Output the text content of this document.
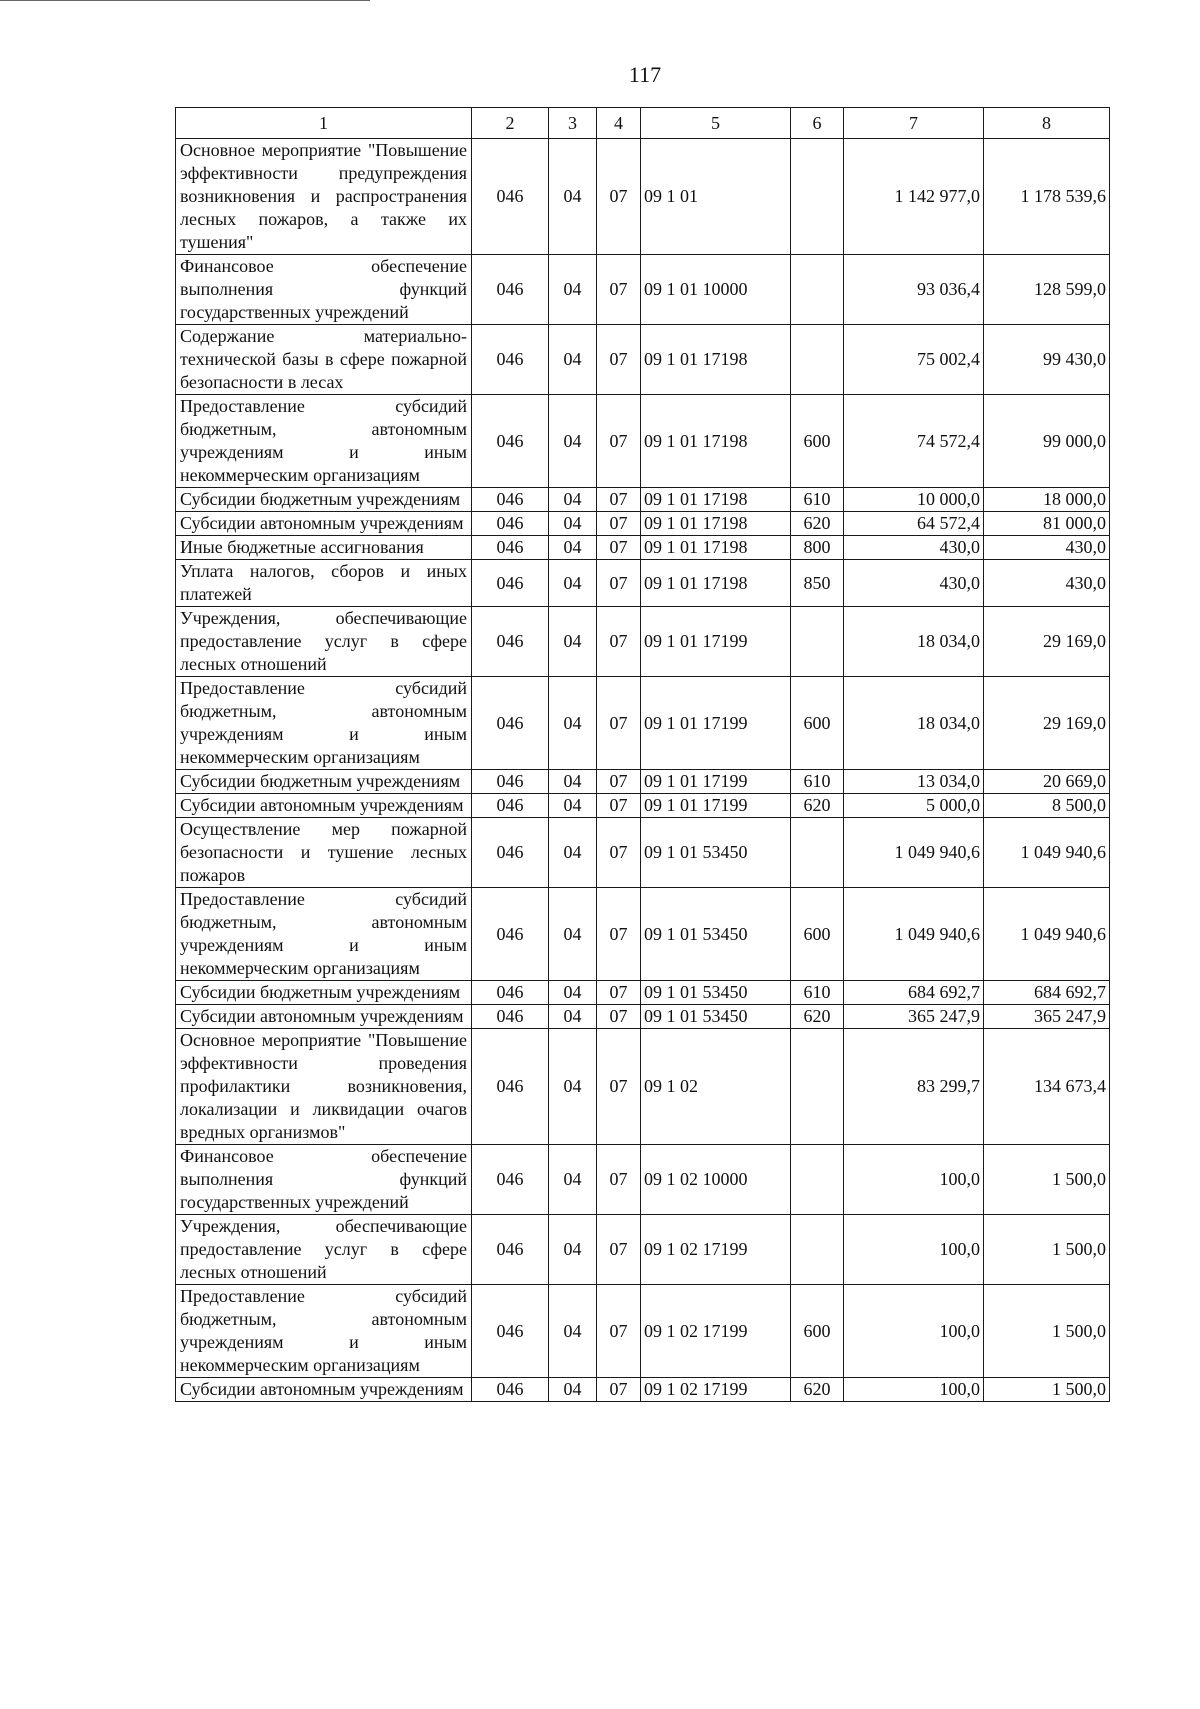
117
1	2	3	4	5	6	7	8
Основное мероприятие "Повышение эффективности предупреждения возникновения и распространения лесных пожаров, а также их тушения"	046	04	07	09 1 01		1 142 977,0	1 178 539,6
Финансовое обеспечение выполнения функций государственных учреждений	046	04	07	09 1 01 10000		93 036,4	128 599,0
Содержание материально-технической базы в сфере пожарной безопасности в лесах	046	04	07	09 1 01 17198		75 002,4	99 430,0
Предоставление субсидий бюджетным, автономным учреждениям и иным некоммерческим организациям	046	04	07	09 1 01 17198	600	74 572,4	99 000,0
Субсидии бюджетным учреждениям	046	04	07	09 1 01 17198	610	10 000,0	18 000,0
Субсидии автономным учреждениям	046	04	07	09 1 01 17198	620	64 572,4	81 000,0
Иные бюджетные ассигнования	046	04	07	09 1 01 17198	800	430,0	430,0
Уплата налогов, сборов и иных платежей	046	04	07	09 1 01 17198	850	430,0	430,0
Учреждения, обеспечивающие предоставление услуг в сфере лесных отношений	046	04	07	09 1 01 17199		18 034,0	29 169,0
Предоставление субсидий бюджетным, автономным учреждениям и иным некоммерческим организациям	046	04	07	09 1 01 17199	600	18 034,0	29 169,0
Субсидии бюджетным учреждениям	046	04	07	09 1 01 17199	610	13 034,0	20 669,0
Субсидии автономным учреждениям	046	04	07	09 1 01 17199	620	5 000,0	8 500,0
Осуществление мер пожарной безопасности и тушение лесных пожаров	046	04	07	09 1 01 53450		1 049 940,6	1 049 940,6
Предоставление субсидий бюджетным, автономным учреждениям и иным некоммерческим организациям	046	04	07	09 1 01 53450	600	1 049 940,6	1 049 940,6
Субсидии бюджетным учреждениям	046	04	07	09 1 01 53450	610	684 692,7	684 692,7
Субсидии автономным учреждениям	046	04	07	09 1 01 53450	620	365 247,9	365 247,9
Основное мероприятие "Повышение эффективности проведения профилактики возникновения, локализации и ликвидации очагов вредных организмов"	046	04	07	09 1 02		83 299,7	134 673,4
Финансовое обеспечение выполнения функций государственных учреждений	046	04	07	09 1 02 10000		100,0	1 500,0
Учреждения, обеспечивающие предоставление услуг в сфере лесных отношений	046	04	07	09 1 02 17199		100,0	1 500,0
Предоставление субсидий бюджетным, автономным учреждениям и иным некоммерческим организациям	046	04	07	09 1 02 17199	600	100,0	1 500,0
Субсидии автономным учреждениям	046	04	07	09 1 02 17199	620	100,0	1 500,0
